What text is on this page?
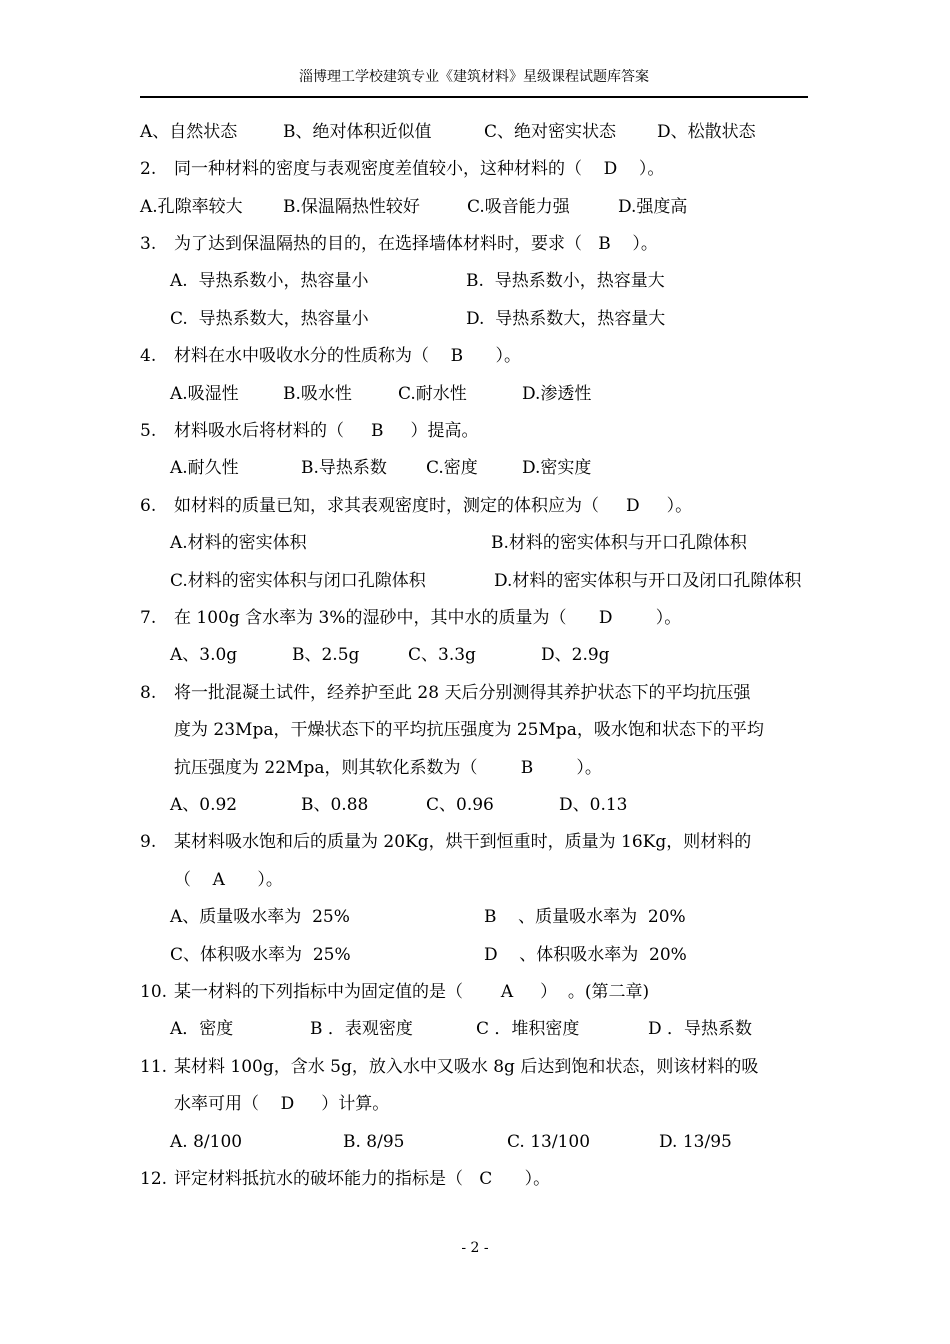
淄博理工学校建筑专业《建筑材料》星级课程试题库答案
A、自然状态	B、绝对体积近似值	C、绝对密实状态 D、松散状态
2. 同一种材料的密度与表观密度差值较小，这种材料的（    D    ）。
A.孔隙率较大 B.保温隔热性较好	C.吸音能力强	D.强度高
3. 为了达到保温隔热的目的，在选择墙体材料时，要求（   B    ）。
A.  导热系数小，热容量小	B.  导热系数小，热容量大
C.  导热系数大，热容量小	D.  导热系数大，热容量大
4. 材料在水中吸收水分的性质称为（    B      ）。
A.吸湿性	B.吸水性	C.耐水性	D.渗透性
5. 材料吸水后将材料的（     B     ）提高。
A.耐久性	B.导热系数 C.密度	D.密实度
6. 如材料的质量已知，求其表观密度时，测定的体积应为（     D     ）。
A.材料的密实体积	B.材料的密实体积与开口孔隙体积
C.材料的密实体积与闭口孔隙体积	D.材料的密实体积与开口及闭口孔隙体积
7. 在 100g 含水率为 3%的湿砂中，其中水的质量为（      D        ）。
A、3.0g	B、2.5g	C、3.3g	D、2.9g
8. 将一批混凝土试件，经养护至此 28 天后分别测得其养护状态下的平均抗压强
度为 23Mpa，干燥状态下的平均抗压强度为 25Mpa，吸水饱和状态下的平均
抗压强度为 22Mpa，则其软化系数为（        B        ）。
A、0.92	B、0.88	C、0.96	D、0.13
9. 某材料吸水饱和后的质量为 20Kg，烘干到恒重时，质量为 16Kg，则材料的
（    A      ）。
A、质量吸水率为  25%	B    、质量吸水率为  20%
C、体积吸水率为  25%	D    、体积吸水率为  20%
10. 某一材料的下列指标中为固定值的是（       A     ）  。(第二章)
A．密度	B ．表观密度	C ．堆积密度	D ．导热系数
11. 某材料 100g，含水 5g，放入水中又吸水 8g 后达到饱和状态，则该材料的吸
水率可用（    D     ）计算。
A. 8/100	B. 8/95	C. 13/100	D. 13/95
12. 评定材料抵抗水的破坏能力的指标是（   C      ）。
- 2 -
